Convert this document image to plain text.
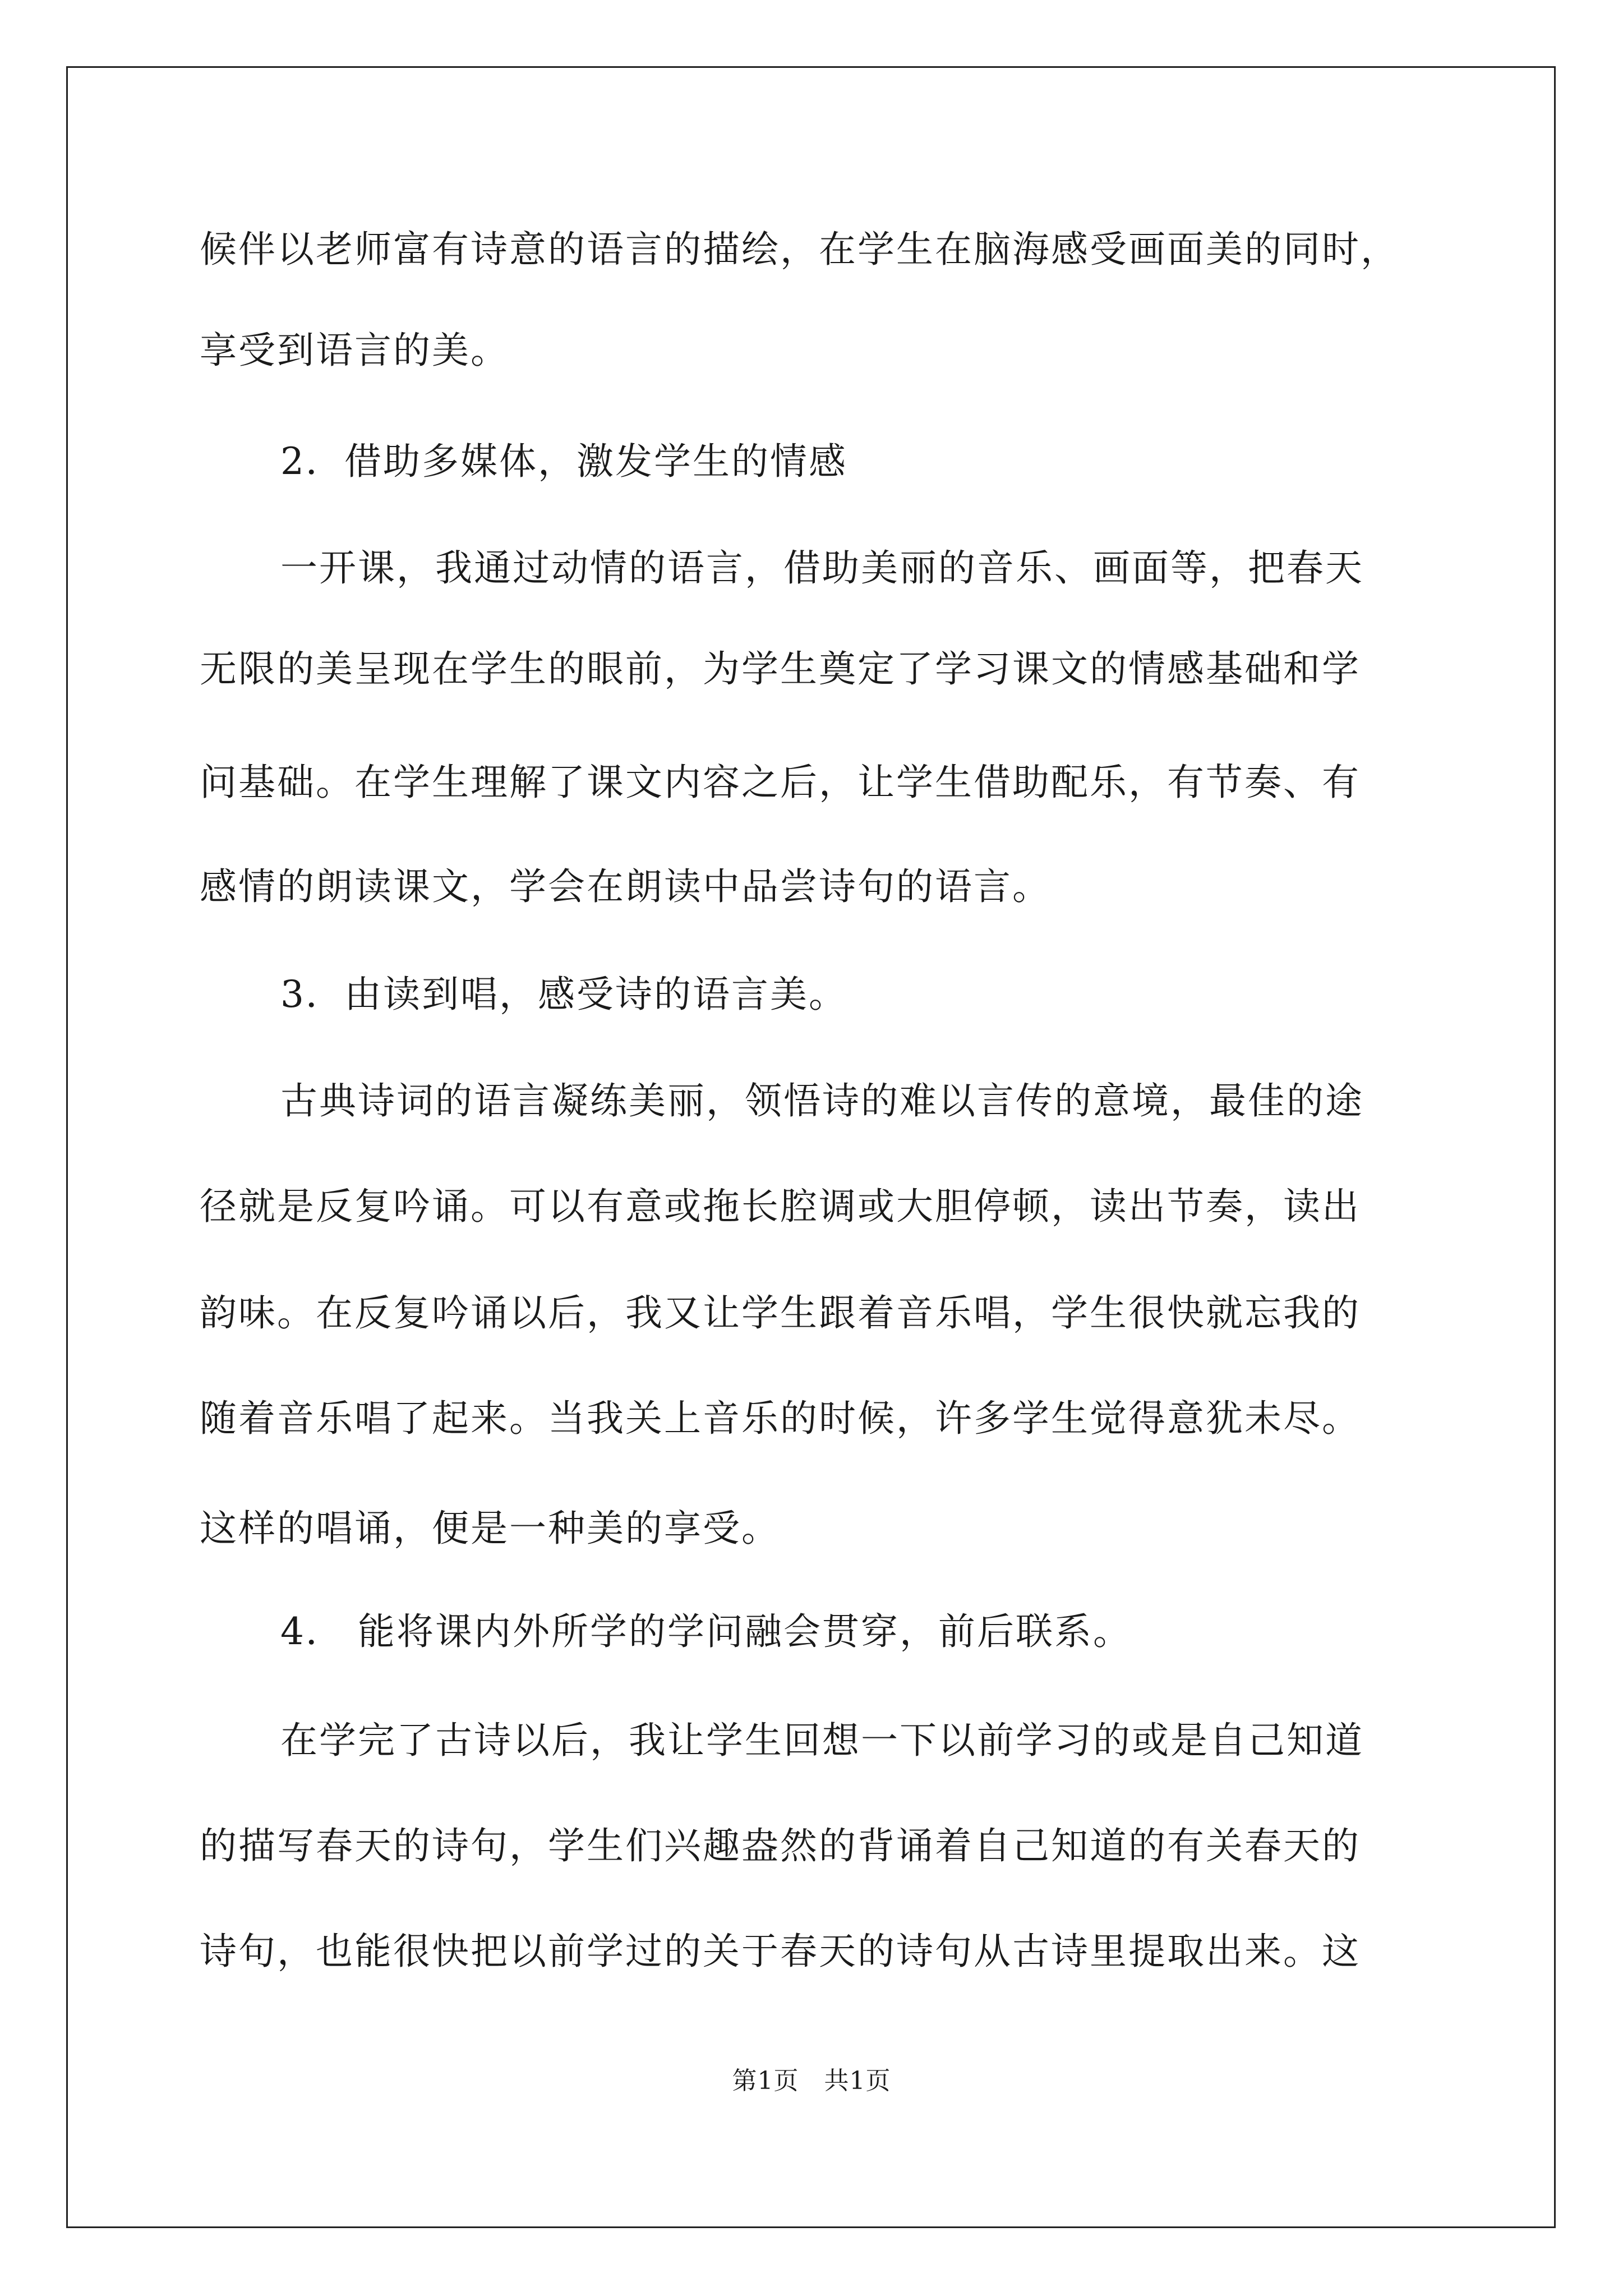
候伴以老师富有诗意的语言的描绘，在学生在脑海感受画面美的同时，
享受到语言的美。
2．借助多媒体，激发学生的情感
一开课，我通过动情的语言，借助美丽的音乐、画面等，把春天
无限的美呈现在学生的眼前，为学生奠定了学习课文的情感基础和学
问基础。在学生理解了课文内容之后，让学生借助配乐，有节奏、有
感情的朗读课文，学会在朗读中品尝诗句的语言。
3．由读到唱，感受诗的语言美。
古典诗词的语言凝练美丽，领悟诗的难以言传的意境，最佳的途
径就是反复吟诵。可以有意或拖长腔调或大胆停顿，读出节奏，读出
韵味。在反复吟诵以后，我又让学生跟着音乐唱，学生很快就忘我的
随着音乐唱了起来。当我关上音乐的时候，许多学生觉得意犹未尽。
这样的唱诵，便是一种美的享受。
4． 能将课内外所学的学问融会贯穿，前后联系。
在学完了古诗以后，我让学生回想一下以前学习的或是自己知道
的描写春天的诗句，学生们兴趣盎然的背诵着自己知道的有关春天的
诗句，也能很快把以前学过的关于春天的诗句从古诗里提取出来。这
第1页   共1页
